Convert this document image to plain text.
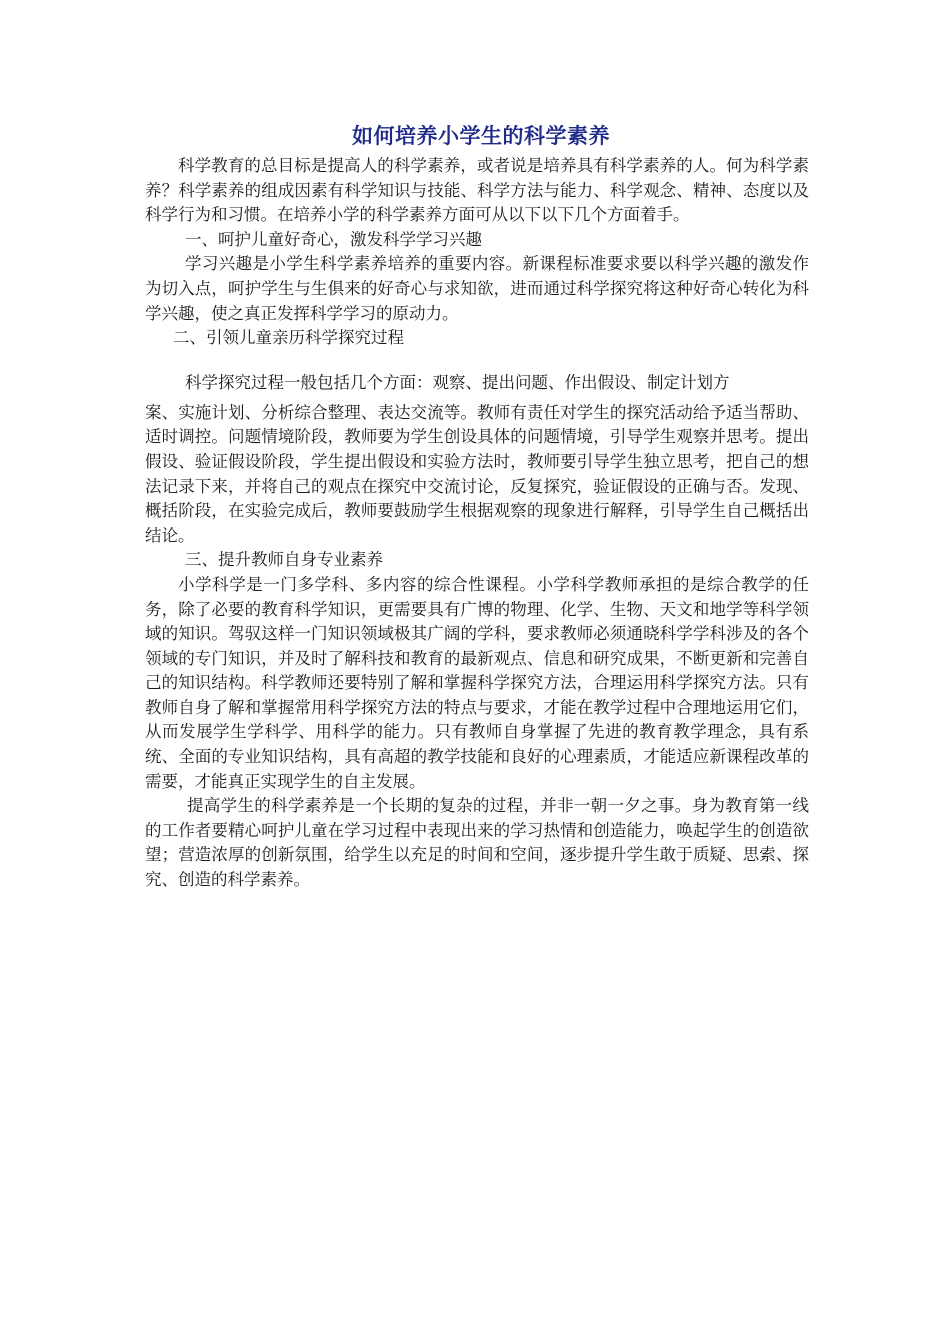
如何培养小学生的科学素养

科学教育的总目标是提高人的科学素养，或者说是培养具有科学素养的人。何为科学素养？科学素养的组成因素有科学知识与技能、科学方法与能力、科学观念、精神、态度以及科学行为和习惯。在培养小学的科学素养方面可从以下以下几个方面着手。

一、呵护儿童好奇心，激发科学学习兴趣

学习兴趣是小学生科学素养培养的重要内容。新课程标准要求要以科学兴趣的激发作为切入点，呵护学生与生俱来的好奇心与求知欲，进而通过科学探究将这种好奇心转化为科学兴趣，使之真正发挥科学学习的原动力。

二、引领儿童亲历科学探究过程

科学探究过程一般包括几个方面：观察、提出问题、作出假设、制定计划方

案、实施计划、分析综合整理、表达交流等。教师有责任对学生的探究活动给予适当帮助、适时调控。问题情境阶段，教师要为学生创设具体的问题情境，引导学生观察并思考。提出假设、验证假设阶段，学生提出假设和实验方法时，教师要引导学生独立思考，把自己的想法记录下来，并将自己的观点在探究中交流讨论，反复探究，验证假设的正确与否。发现、概括阶段，在实验完成后，教师要鼓励学生根据观察的现象进行解释，引导学生自己概括出结论。

三、提升教师自身专业素养

小学科学是一门多学科、多内容的综合性课程。小学科学教师承担的是综合教学的任务，除了必要的教育科学知识，更需要具有广博的物理、化学、生物、天文和地学等科学领域的知识。驾驭这样一门知识领域极其广阔的学科，要求教师必须通晓科学学科涉及的各个领域的专门知识，并及时了解科技和教育的最新观点、信息和研究成果，不断更新和完善自己的知识结构。科学教师还要特别了解和掌握科学探究方法，合理运用科学探究方法。只有教师自身了解和掌握常用科学探究方法的特点与要求，才能在教学过程中合理地运用它们，从而发展学生学科学、用科学的能力。只有教师自身掌握了先进的教育教学理念，具有系统、全面的专业知识结构，具有高超的教学技能和良好的心理素质，才能适应新课程改革的需要，才能真正实现学生的自主发展。

提高学生的科学素养是一个长期的复杂的过程，并非一朝一夕之事。身为教育第一线的工作者要精心呵护儿童在学习过程中表现出来的学习热情和创造能力，唤起学生的创造欲望；营造浓厚的创新氛围，给学生以充足的时间和空间，逐步提升学生敢于质疑、思索、探究、创造的科学素养。
